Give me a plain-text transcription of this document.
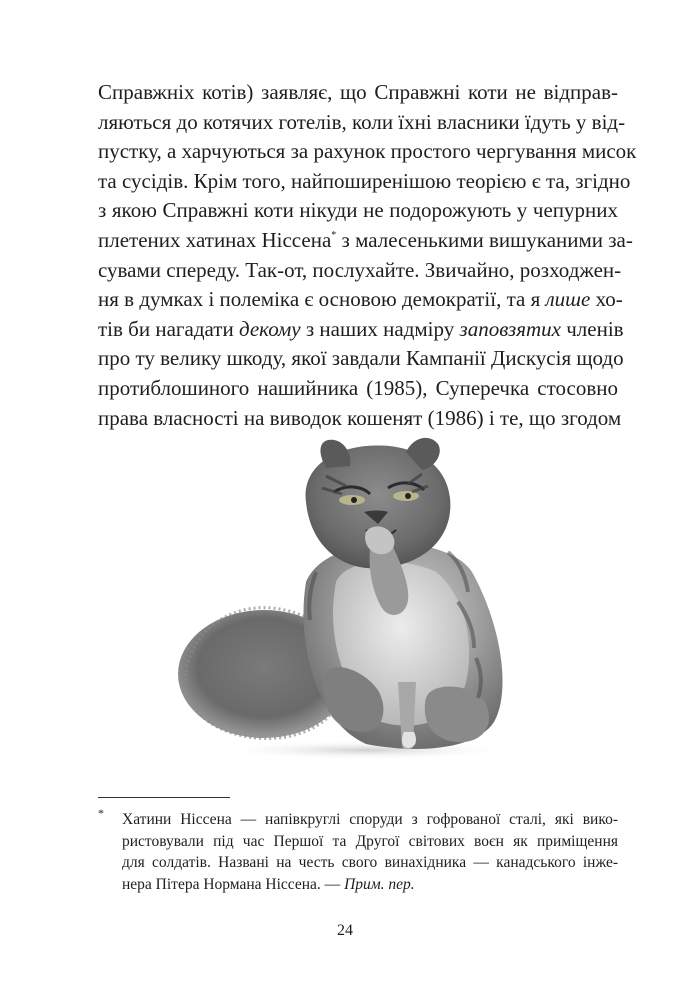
Справжніх котів) заявляє, що Справжні коти не відправ-
ляються до котячих готелів, коли їхні власники їдуть у від-
пустку, а харчуються за рахунок простого чергування мисок
та сусідів. Крім того, найпоширенішою теорією є та, згідно
з якою Справжні коти нікуди не подорожують у чепурних
плетених хатинах Ніссена* з малесенькими вишуканими за-
сувами спереду. Так-от, послухайте. Звичайно, розходжен-
ня в думках і полеміка є основою демократії, та я лише хо-
тів би нагадати декому з наших надміру заповзятих членів
про ту велику шкоду, якої завдали Кампанії Дискусія щодо
протиблошиного нашийника (1985), Суперечка стосовно
права власності на виводок кошенят (1986) і те, що згодом
* Хатини Ніссена — напівкруглі споруди з гофрованої сталі, які вико-
ристовували під час Першої та Другої світових воєн як приміщення
для солдатів. Названі на честь свого винахідника — канадського інже-
нера Пітера Нормана Ніссена. — Прим. пер.
24
